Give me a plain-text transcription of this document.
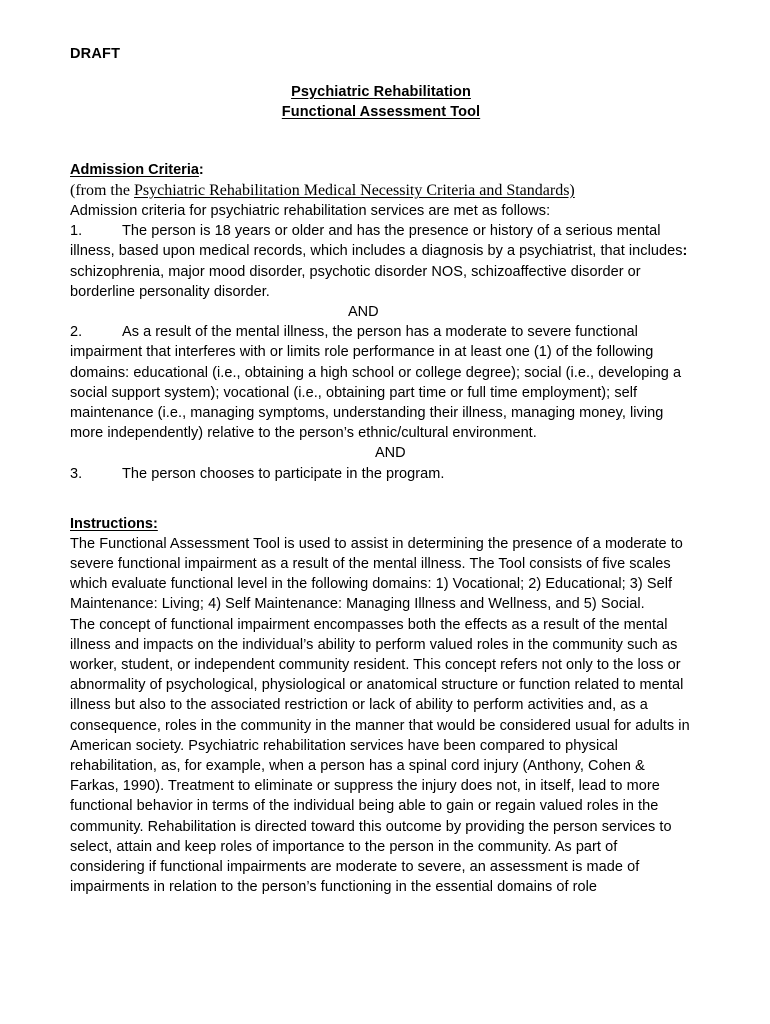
DRAFT
Psychiatric Rehabilitation
Functional Assessment Tool
Admission Criteria:
(from the Psychiatric Rehabilitation Medical Necessity Criteria and Standards)

Admission criteria for psychiatric rehabilitation services are met as follows:

1.	The person is 18 years or older and has the presence or history of a serious mental illness, based upon medical records, which includes a diagnosis by a psychiatrist, that includes: schizophrenia, major mood disorder, psychotic disorder NOS, schizoaffective disorder or borderline personality disorder.

AND

2.	As a result of the mental illness, the person has a moderate to severe functional impairment that interferes with or limits role performance in at least one (1) of the following domains: educational (i.e., obtaining a high school or college degree); social (i.e., developing a social support system); vocational (i.e., obtaining part time or full time employment); self maintenance (i.e., managing symptoms, understanding their illness, managing money, living more independently) relative to the person’s ethnic/cultural environment.

AND

3.	The person chooses to participate in the program.

Instructions:

The Functional Assessment Tool is used to assist in determining the presence of a moderate to severe functional impairment as a result of the mental illness. The Tool consists of five scales which evaluate functional level in the following domains: 1) Vocational; 2) Educational; 3) Self Maintenance: Living; 4) Self Maintenance: Managing Illness and Wellness, and 5) Social.

The concept of functional impairment encompasses both the effects as a result of the mental illness and impacts on the individual’s ability to perform valued roles in the community such as worker, student, or independent community resident. This concept refers not only to the loss or abnormality of psychological, physiological or anatomical structure or function related to mental illness but also to the associated restriction or lack of ability to perform activities and, as a consequence, roles in the community in the manner that would be considered usual for adults in American society. Psychiatric rehabilitation services have been compared to physical rehabilitation, as, for example, when a person has a spinal cord injury (Anthony, Cohen & Farkas, 1990). Treatment to eliminate or suppress the injury does not, in itself, lead to more functional behavior in terms of the individual being able to gain or regain valued roles in the community. Rehabilitation is directed toward this outcome by providing the person services to select, attain and keep roles of importance to the person in the community. As part of considering if functional impairments are moderate to severe, an assessment is made of impairments in relation to the person’s functioning in the essential domains of role
